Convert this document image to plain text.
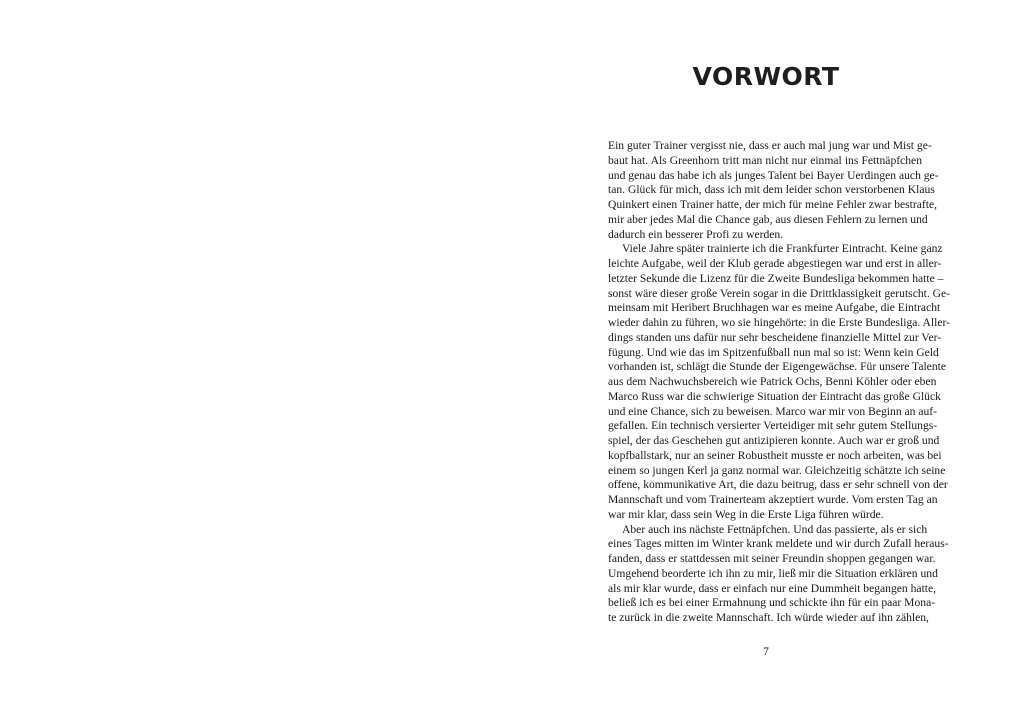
VORWORT
Ein guter Trainer vergisst nie, dass er auch mal jung war und Mist ge-
baut hat. Als Greenhorn tritt man nicht nur einmal ins Fettnäpfchen
und genau das habe ich als junges Talent bei Bayer Uerdingen auch ge-
tan. Glück für mich, dass ich mit dem leider schon verstorbenen Klaus
Quinkert einen Trainer hatte, der mich für meine Fehler zwar bestrafte,
mir aber jedes Mal die Chance gab, aus diesen Fehlern zu lernen und
dadurch ein besserer Profi zu werden.
Viele Jahre später trainierte ich die Frankfurter Eintracht. Keine ganz
leichte Aufgabe, weil der Klub gerade abgestiegen war und erst in aller-
letzter Sekunde die Lizenz für die Zweite Bundesliga bekommen hatte –
sonst wäre dieser große Verein sogar in die Drittklassigkeit gerutscht. Ge-
meinsam mit Heribert Bruchhagen war es meine Aufgabe, die Eintracht
wieder dahin zu führen, wo sie hingehörte: in die Erste Bundesliga. Aller-
dings standen uns dafür nur sehr bescheidene finanzielle Mittel zur Ver-
fügung. Und wie das im Spitzenfußball nun mal so ist: Wenn kein Geld
vorhanden ist, schlägt die Stunde der Eigengewächse. Für unsere Talente
aus dem Nachwuchsbereich wie Patrick Ochs, Benni Köhler oder eben
Marco Russ war die schwierige Situation der Eintracht das große Glück
und eine Chance, sich zu beweisen. Marco war mir von Beginn an auf-
gefallen. Ein technisch versierter Verteidiger mit sehr gutem Stellungs-
spiel, der das Geschehen gut antizipieren konnte. Auch war er groß und
kopfballstark, nur an seiner Robustheit musste er noch arbeiten, was bei
einem so jungen Kerl ja ganz normal war. Gleichzeitig schätzte ich seine
offene, kommunikative Art, die dazu beitrug, dass er sehr schnell von der
Mannschaft und vom Trainerteam akzeptiert wurde. Vom ersten Tag an
war mir klar, dass sein Weg in die Erste Liga führen würde.
Aber auch ins nächste Fettnäpfchen. Und das passierte, als er sich
eines Tages mitten im Winter krank meldete und wir durch Zufall heraus-
fanden, dass er stattdessen mit seiner Freundin shoppen gegangen war.
Umgehend beorderte ich ihn zu mir, ließ mir die Situation erklären und
als mir klar wurde, dass er einfach nur eine Dummheit begangen hatte,
beließ ich es bei einer Ermahnung und schickte ihn für ein paar Mona-
te zurück in die zweite Mannschaft. Ich würde wieder auf ihn zählen,
7
